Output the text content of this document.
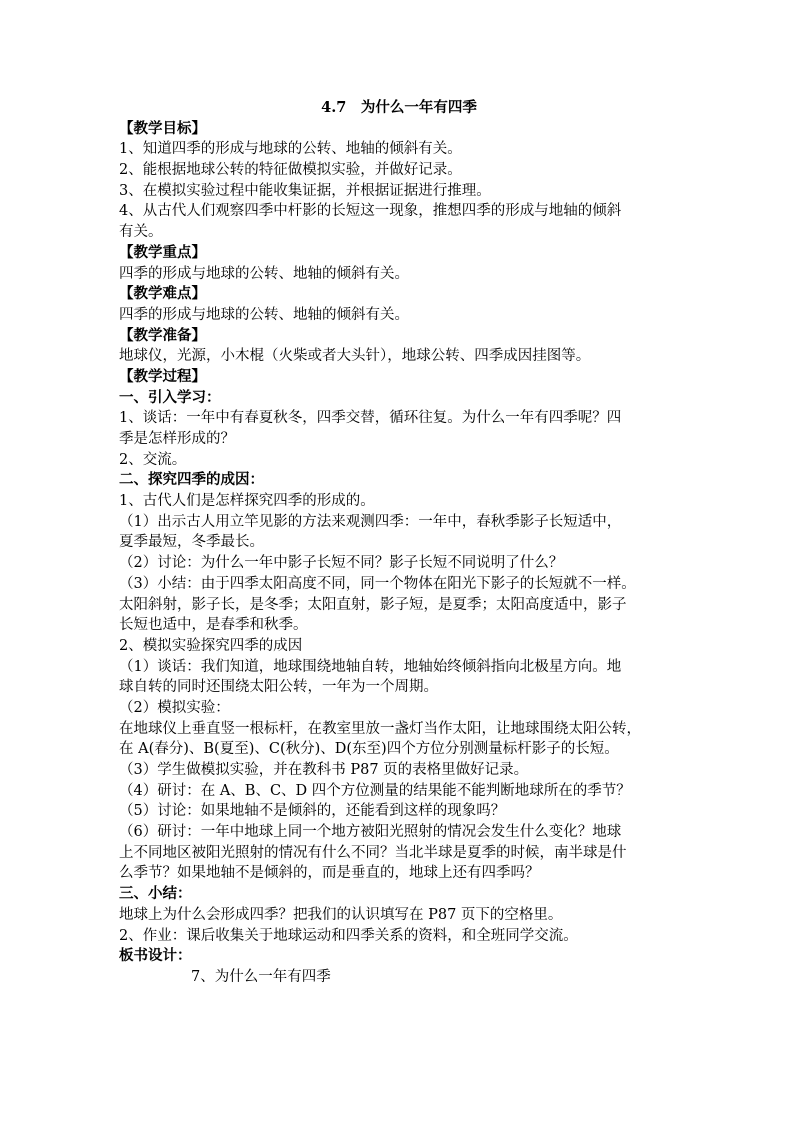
4.7　为什么一年有四季
【教学目标】
1、知道四季的形成与地球的公转、地轴的倾斜有关。
2、能根据地球公转的特征做模拟实验，并做好记录。
3、在模拟实验过程中能收集证据，并根据证据进行推理。
4、从古代人们观察四季中杆影的长短这一现象，推想四季的形成与地轴的倾斜
有关。
【教学重点】
四季的形成与地球的公转、地轴的倾斜有关。
【教学难点】
四季的形成与地球的公转、地轴的倾斜有关。
【教学准备】
地球仪，光源，小木棍（火柴或者大头针），地球公转、四季成因挂图等。
【教学过程】
一、引入学习：
1、谈话：一年中有春夏秋冬，四季交替，循环往复。为什么一年有四季呢？四
季是怎样形成的？
2、交流。
二、探究四季的成因：
1、古代人们是怎样探究四季的形成的。
（1）出示古人用立竿见影的方法来观测四季：一年中，春秋季影子长短适中，
夏季最短，冬季最长。
（2）讨论：为什么一年中影子长短不同？影子长短不同说明了什么？
（3）小结：由于四季太阳高度不同，同一个物体在阳光下影子的长短就不一样。
太阳斜射，影子长，是冬季；太阳直射，影子短，是夏季；太阳高度适中，影子
长短也适中，是春季和秋季。
2、模拟实验探究四季的成因
（1）谈话：我们知道，地球围绕地轴自转，地轴始终倾斜指向北极星方向。地
球自转的同时还围绕太阳公转，一年为一个周期。
（2）模拟实验：
在地球仪上垂直竖一根标杆，在教室里放一盏灯当作太阳，让地球围绕太阳公转，
在 A(春分)、B(夏至)、C(秋分)、D(东至)四个方位分别测量标杆影子的长短。
（3）学生做模拟实验，并在教科书 P87 页的表格里做好记录。
（4）研讨：在 A、B、C、D 四个方位测量的结果能不能判断地球所在的季节？
（5）讨论：如果地轴不是倾斜的，还能看到这样的现象吗？
（6）研讨：一年中地球上同一个地方被阳光照射的情况会发生什么变化？地球
上不同地区被阳光照射的情况有什么不同？当北半球是夏季的时候，南半球是什
么季节？如果地轴不是倾斜的，而是垂直的，地球上还有四季吗？
三、小结：
地球上为什么会形成四季？把我们的认识填写在 P87 页下的空格里。
2、作业：课后收集关于地球运动和四季关系的资料，和全班同学交流。
板书设计：
7、为什么一年有四季
